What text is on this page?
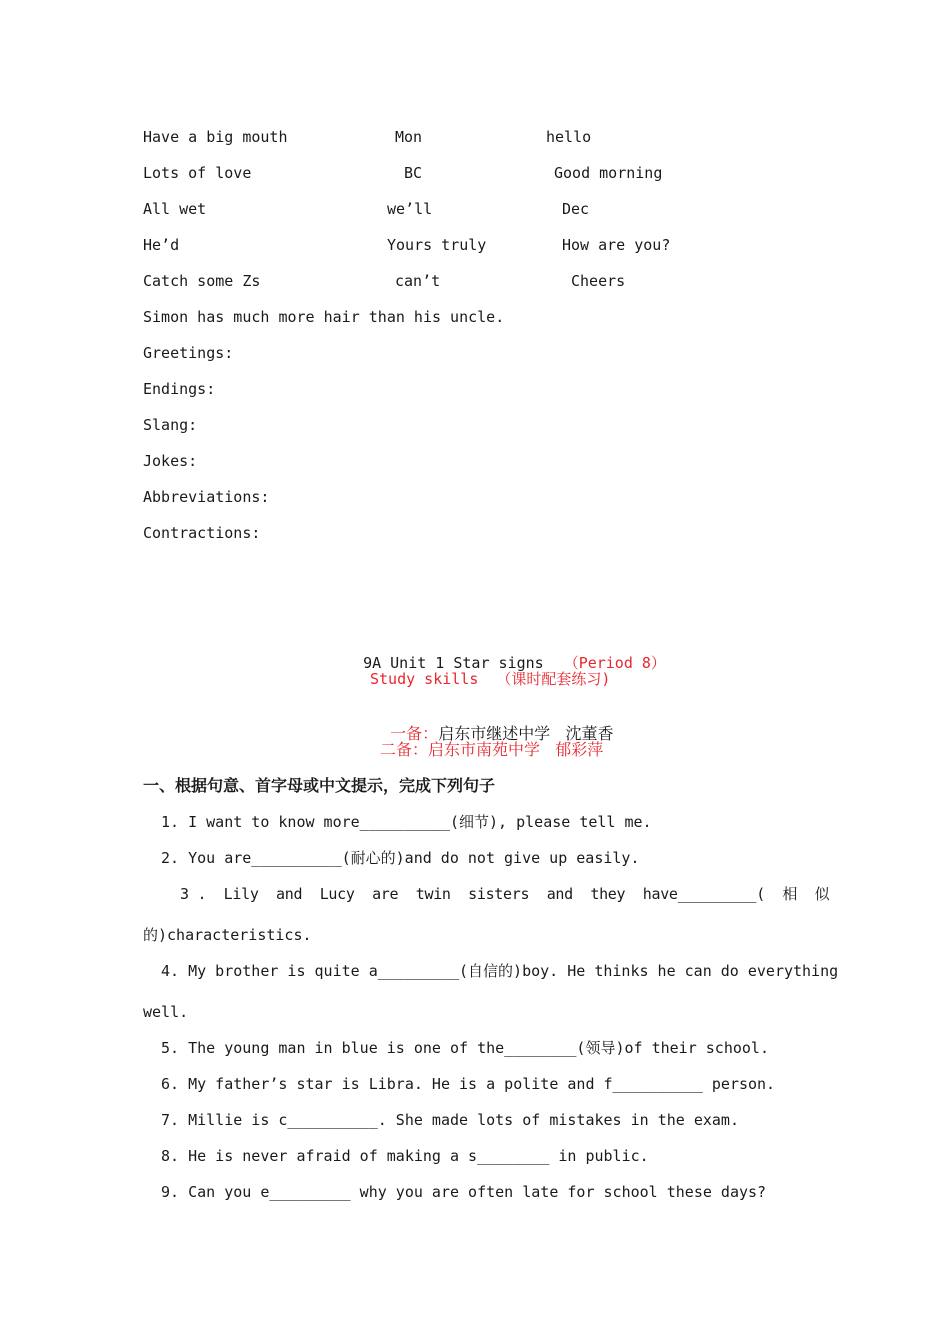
Have a big mouth	Mon	hello
Lots of love	BC	Good morning
All wet	we’ll	Dec
He’d	Yours truly	How are you?
Catch some Zs	can’t	Cheers
Simon has much more hair than his uncle.
Greetings:
Endings:
Slang:
Jokes:
Abbreviations:
Contractions:

9A Unit 1 Star signs （Period 8）

Study skills  （课时配套练习)

一备：启东市继述中学   沈董香

二备：启东市南苑中学   郁彩萍
一、根据句意、首字母或中文提示，完成下列句子
1. I want to know more__________(细节), please tell me.
2. You are__________(耐心的)and do not give up easily.
3 .  Lily  and  Lucy  are  twin  sisters  and  they  have_________(  相  似
的)characteristics.
4. My brother is quite a_________(自信的)boy. He thinks he can do everything
well.
5. The young man in blue is one of the________(领导)of their school.
6. My father’s star is Libra. He is a polite and f__________ person.
7. Millie is c__________. She made lots of mistakes in the exam.
8. He is never afraid of making a s________ in public.
9. Can you e_________ why you are often late for school these days?
